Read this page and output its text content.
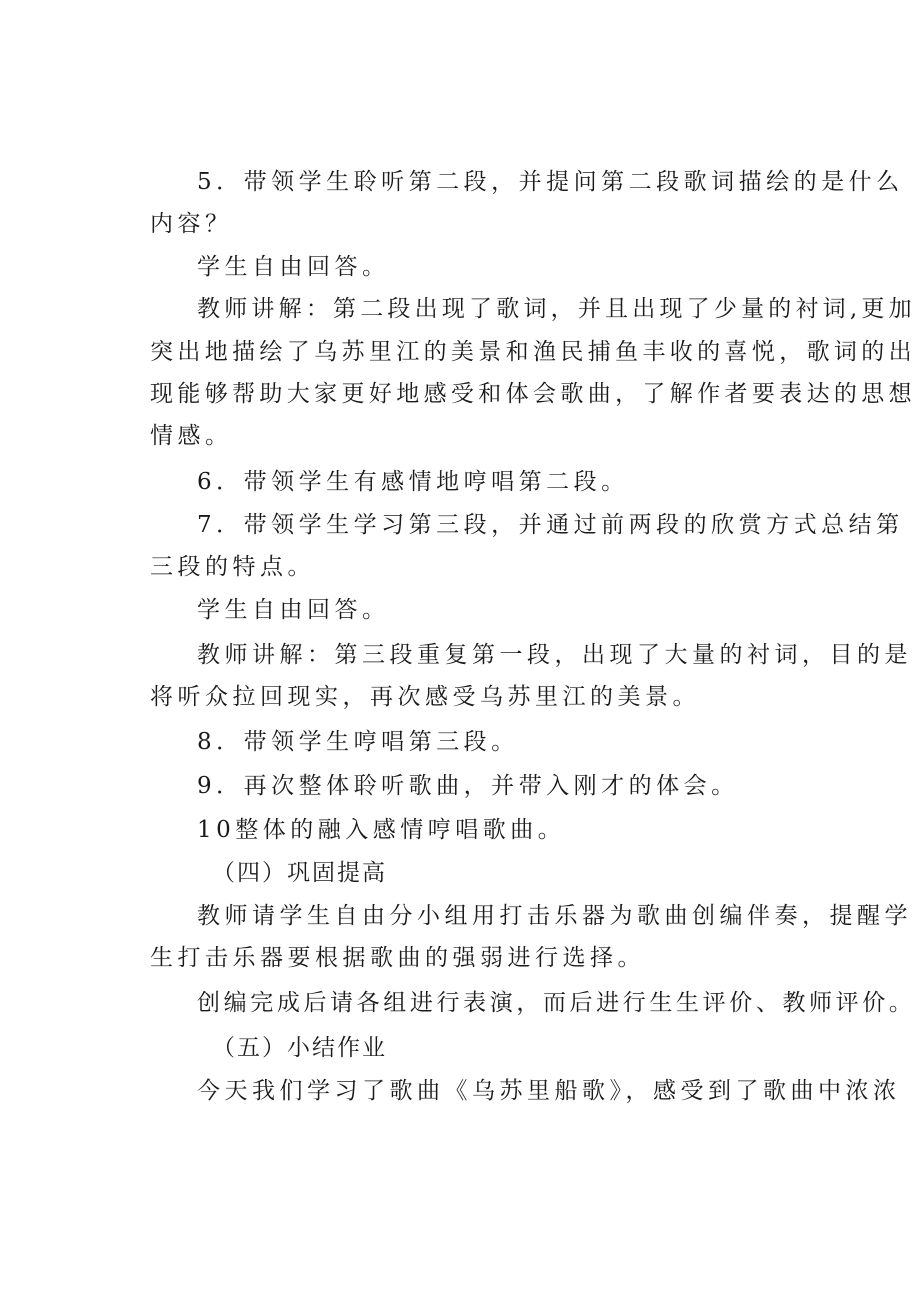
5．带领学生聆听第二段，并提问第二段歌词描绘的是什么
内容？
学生自由回答。
教师讲解：第二段出现了歌词，并且出现了少量的衬词,更加
突出地描绘了乌苏里江的美景和渔民捕鱼丰收的喜悦，歌词的出
现能够帮助大家更好地感受和体会歌曲，了解作者要表达的思想
情感。
6．带领学生有感情地哼唱第二段。
7．带领学生学习第三段，并通过前两段的欣赏方式总结第
三段的特点。
学生自由回答。
教师讲解：第三段重复第一段，出现了大量的衬词，目的是
将听众拉回现实，再次感受乌苏里江的美景。
8．带领学生哼唱第三段。
9．再次整体聆听歌曲，并带入刚才的体会。
10整体的融入感情哼唱歌曲。
（四）巩固提高
教师请学生自由分小组用打击乐器为歌曲创编伴奏，提醒学
生打击乐器要根据歌曲的强弱进行选择。
创编完成后请各组进行表演，而后进行生生评价、教师评价。
（五）小结作业
今天我们学习了歌曲《乌苏里船歌》，感受到了歌曲中浓浓
